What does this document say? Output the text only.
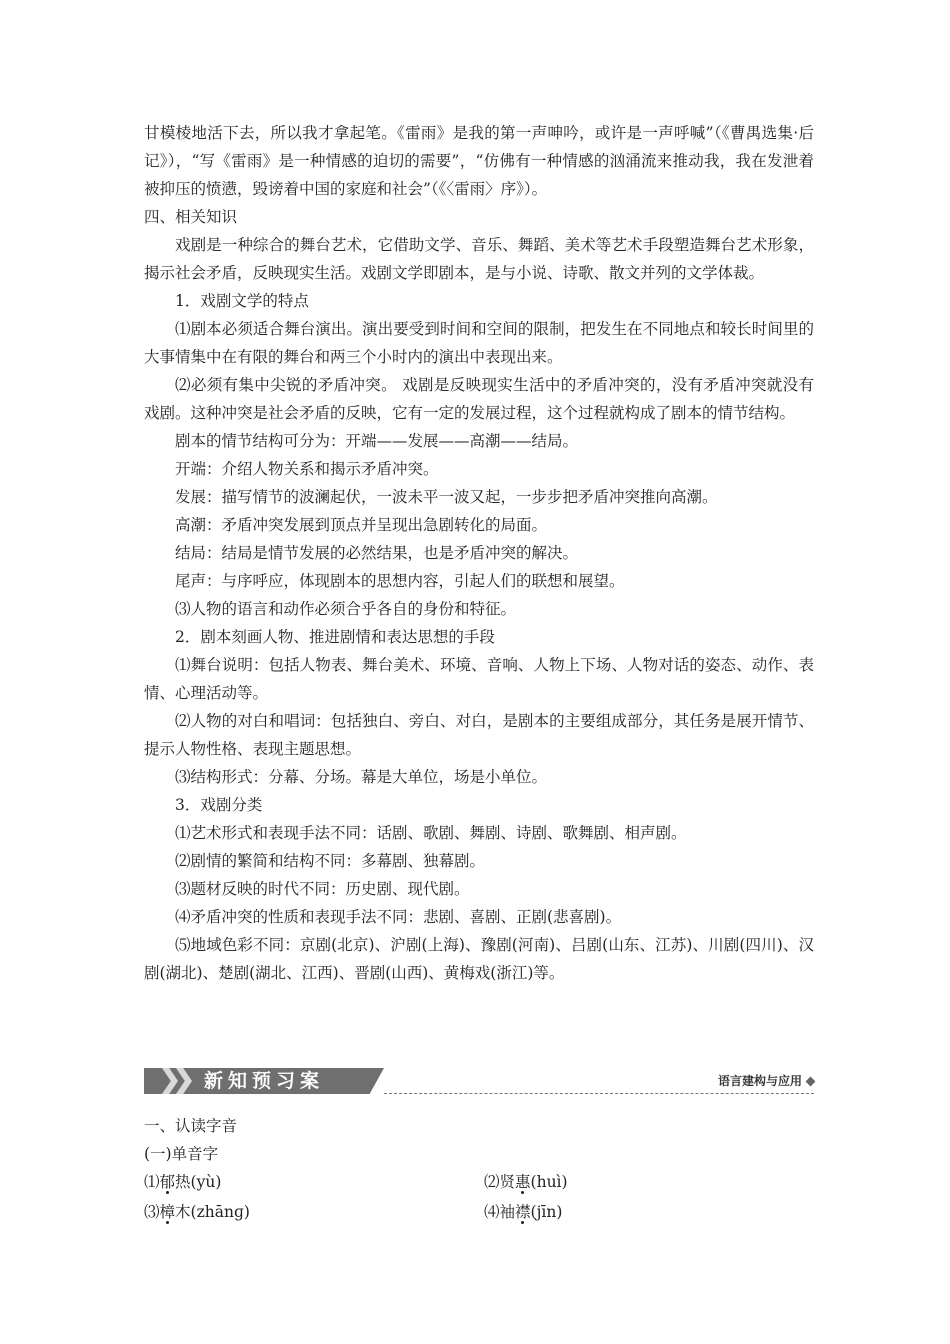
甘模棱地活下去，所以我才拿起笔。《雷雨》是我的第一声呻吟，或许是一声呼喊”（《曹禺选集·后记》），“写《雷雨》是一种情感的迫切的需要”，“仿佛有一种情感的汹涌流来推动我，我在发泄着被抑压的愤懑，毁谤着中国的家庭和社会”（《〈雷雨〉序》）。

四、相关知识

戏剧是一种综合的舞台艺术，它借助文学、音乐、舞蹈、美术等艺术手段塑造舞台艺术形象，揭示社会矛盾，反映现实生活。戏剧文学即剧本，是与小说、诗歌、散文并列的文学体裁。

1．戏剧文学的特点

⑴剧本必须适合舞台演出。演出要受到时间和空间的限制，把发生在不同地点和较长时间里的大事情集中在有限的舞台和两三个小时内的演出中表现出来。

⑵必须有集中尖锐的矛盾冲突。 戏剧是反映现实生活中的矛盾冲突的，没有矛盾冲突就没有戏剧。这种冲突是社会矛盾的反映，它有一定的发展过程，这个过程就构成了剧本的情节结构。

剧本的情节结构可分为：开端——发展——高潮——结局。

开端：介绍人物关系和揭示矛盾冲突。

发展：描写情节的波澜起伏，一波未平一波又起，一步步把矛盾冲突推向高潮。

高潮：矛盾冲突发展到顶点并呈现出急剧转化的局面。

结局：结局是情节发展的必然结果，也是矛盾冲突的解决。

尾声：与序呼应，体现剧本的思想内容，引起人们的联想和展望。

⑶人物的语言和动作必须合乎各自的身份和特征。

2．剧本刻画人物、推进剧情和表达思想的手段

⑴舞台说明：包括人物表、舞台美术、环境、音响、人物上下场、人物对话的姿态、动作、表情、心理活动等。

⑵人物的对白和唱词：包括独白、旁白、对白，是剧本的主要组成部分，其任务是展开情节、提示人物性格、表现主题思想。

⑶结构形式：分幕、分场。幕是大单位，场是小单位。

3．戏剧分类

⑴艺术形式和表现手法不同：话剧、歌剧、舞剧、诗剧、歌舞剧、相声剧。

⑵剧情的繁简和结构不同：多幕剧、独幕剧。

⑶题材反映的时代不同：历史剧、现代剧。

⑷矛盾冲突的性质和表现手法不同：悲剧、喜剧、正剧(悲喜剧)。

⑸地域色彩不同：京剧(北京)、沪剧(上海)、豫剧(河南)、吕剧(山东、江苏)、川剧(四川)、汉剧(湖北)、楚剧(湖北、江西)、晋剧(山西)、黄梅戏(浙江)等。

新知预习案	语言建构与应用

一、认读字音

(一)单音字

⑴郁热(yù)	⑵贤惠(huì)
⑶樟木(zhānɡ)	⑷袖襟(jīn)
